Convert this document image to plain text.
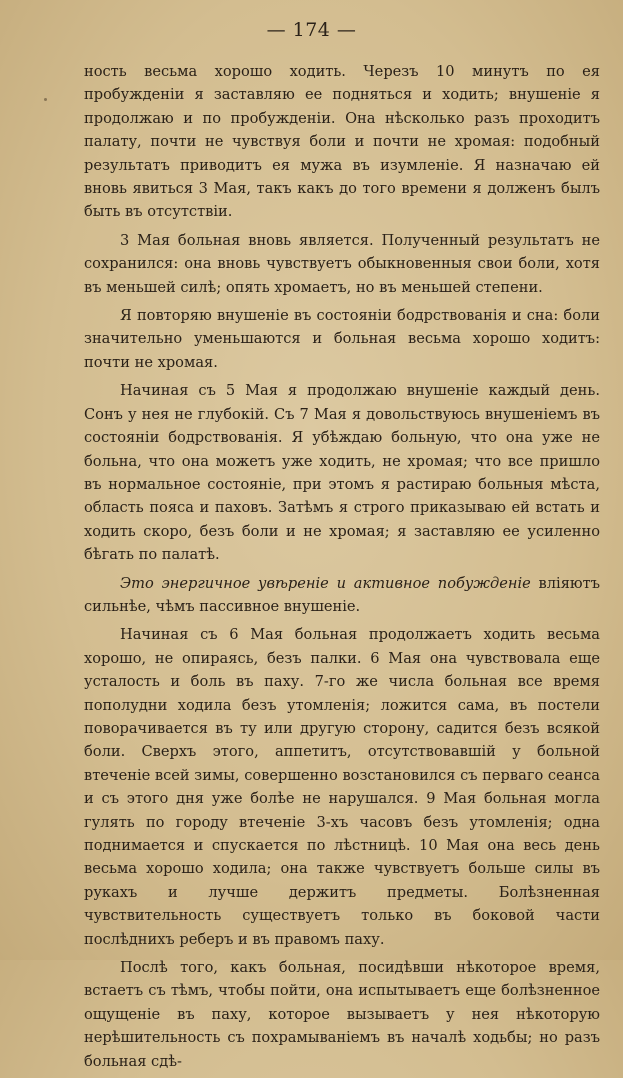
— 174 —

ность весьма хорошо ходить. Черезъ 10 минутъ по ея пробужденiи я заставляю ее подняться и ходить; внушенiе я продолжаю и по пробужденiи. Она нѣсколько разъ проходитъ палату, почти не чувствуя боли и почти не хромая: подобный результатъ приводитъ ея мужа въ изумленiе. Я назначаю ей вновь явиться 3 Мая, такъ какъ до того времени я долженъ былъ быть въ отсутствiи.

3 Мая больная вновь является. Полученный результатъ не сохранился: она вновь чувствуетъ обыкновенныя свои боли, хотя въ меньшей силѣ; опять хромаетъ, но въ меньшей степени.

Я повторяю внушенiе въ состоянiи бодрствованiя и сна: боли значительно уменьшаются и больная весьма хорошо ходитъ: почти не хромая.

Начиная съ 5 Мая я продолжаю внушенiе каждый день. Сонъ у нея не глубокiй. Съ 7 Мая я довольствуюсь внушенiемъ въ состоянiи бодрствованiя. Я убѣждаю больную, что она уже не больна, что она можетъ уже ходить, не хромая; что все пришло въ нормальное состоянiе, при этомъ я растираю больныя мѣста, область пояса и паховъ. Затѣмъ я строго приказываю ей встать и ходить скоро, безъ боли и не хромая; я заставляю ее усиленно бѣгать по палатѣ.

Это энергичное увѣренiе и активное побужденiе влiяютъ сильнѣе, чѣмъ пассивное внушенiе.

Начиная съ 6 Мая больная продолжаетъ ходить весьма хорошо, не опираясь, безъ палки. 6 Мая она чувствовала еще усталость и боль въ паху. 7-го же числа больная все время пополудни ходила безъ утомленiя; ложится сама, въ постели поворачивается въ ту или другую сторону, садится безъ всякой боли. Сверхъ этого, аппетитъ, отсутствовавшiй у больной втеченiе всей зимы, совершенно возстановился съ перваго сеанса и съ этого дня уже болѣе не нарушался. 9 Мая больная могла гулять по городу втеченiе 3-хъ часовъ безъ утомленiя; одна поднимается и спускается по лѣстницѣ. 10 Мая она весь день весьма хорошо ходила; она также чувствуетъ больше силы въ рукахъ и лучше держитъ предметы. Болѣзненная чувствительность существуетъ только въ боковой части послѣднихъ реберъ и въ правомъ паху.

Послѣ того, какъ больная, посидѣвши нѣкоторое время, встаетъ съ тѣмъ, чтобы пойти, она испытываетъ еще болѣзненное ощущенiе въ паху, которое вызываетъ у нея нѣкоторую нерѣшительность съ похрамыванiемъ въ началѣ ходьбы; но разъ больная сдѣ-
